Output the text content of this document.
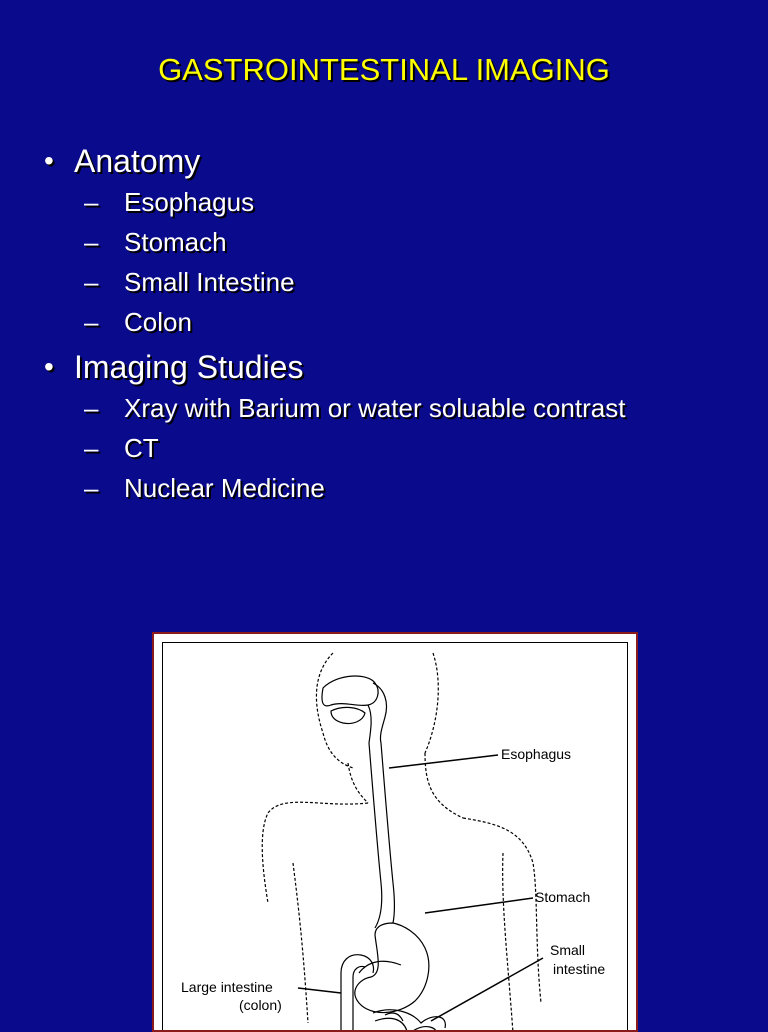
GASTROINTESTINAL IMAGING
• Anatomy
– Esophagus
– Stomach
– Small Intestine
– Colon
• Imaging Studies
– Xray with Barium or water soluable contrast
– CT
– Nuclear Medicine
Esophagus
Stomach
Small
intestine
Large intestine
(colon)
